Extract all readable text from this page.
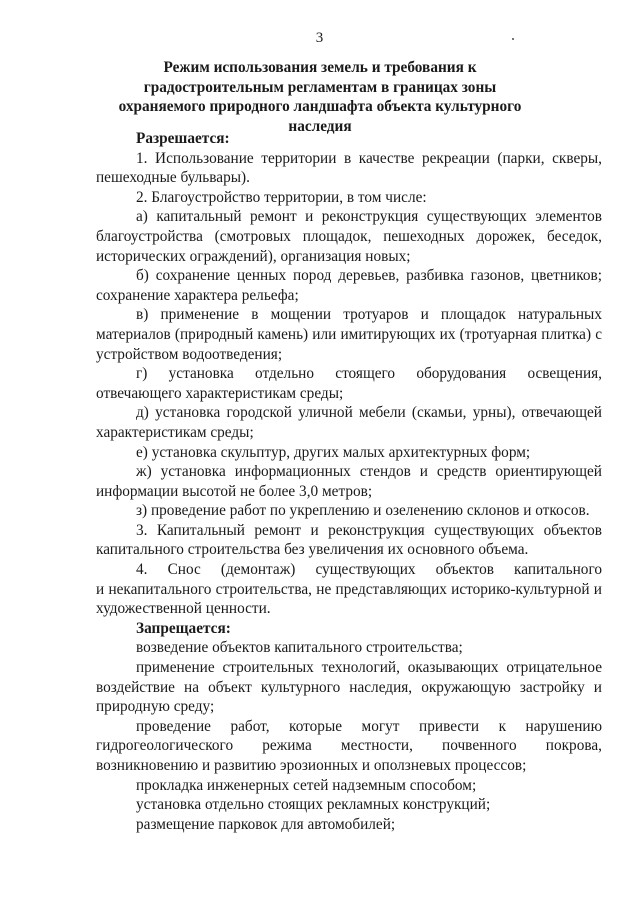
3
Режим использования земель и требования к градостроительным регламентам в границах зоны охраняемого природного ландшафта объекта культурного наследия

Разрешается:

1. Использование территории в качестве рекреации (парки, скверы, пешеходные бульвары).

2. Благоустройство территории, в том числе:

а) капитальный ремонт и реконструкция существующих элементов благоустройства (смотровых площадок, пешеходных дорожек, беседок, исторических ограждений), организация новых;

б) сохранение ценных пород деревьев, разбивка газонов, цветников; сохранение характера рельефа;

в) применение в мощении тротуаров и площадок натуральных материалов (природный камень) или имитирующих их (тротуарная плитка) с устройством водоотведения;

г) установка отдельно стоящего оборудования освещения, отвечающего характеристикам среды;

д) установка городской уличной мебели (скамьи, урны), отвечающей характеристикам среды;

е) установка скульптур, других малых архитектурных форм;

ж) установка информационных стендов и средств ориентирующей информации высотой не более 3,0 метров;

з) проведение работ по укреплению и озеленению склонов и откосов.

3. Капитальный ремонт и реконструкция существующих объектов капитального строительства без увеличения их основного объема.

4. Снос (демонтаж) существующих объектов капитального

и некапитального строительства, не представляющих историко-культурной и художественной ценности.

Запрещается:

возведение объектов капитального строительства;

применение строительных технологий, оказывающих отрицательное воздействие на объект культурного наследия, окружающую застройку и природную среду;

проведение работ, которые могут привести к нарушению гидрогеологического режима местности, почвенного покрова, возникновению и развитию эрозионных и оползневых процессов;

прокладка инженерных сетей надземным способом;

установка отдельно стоящих рекламных конструкций;

размещение парковок для автомобилей;
